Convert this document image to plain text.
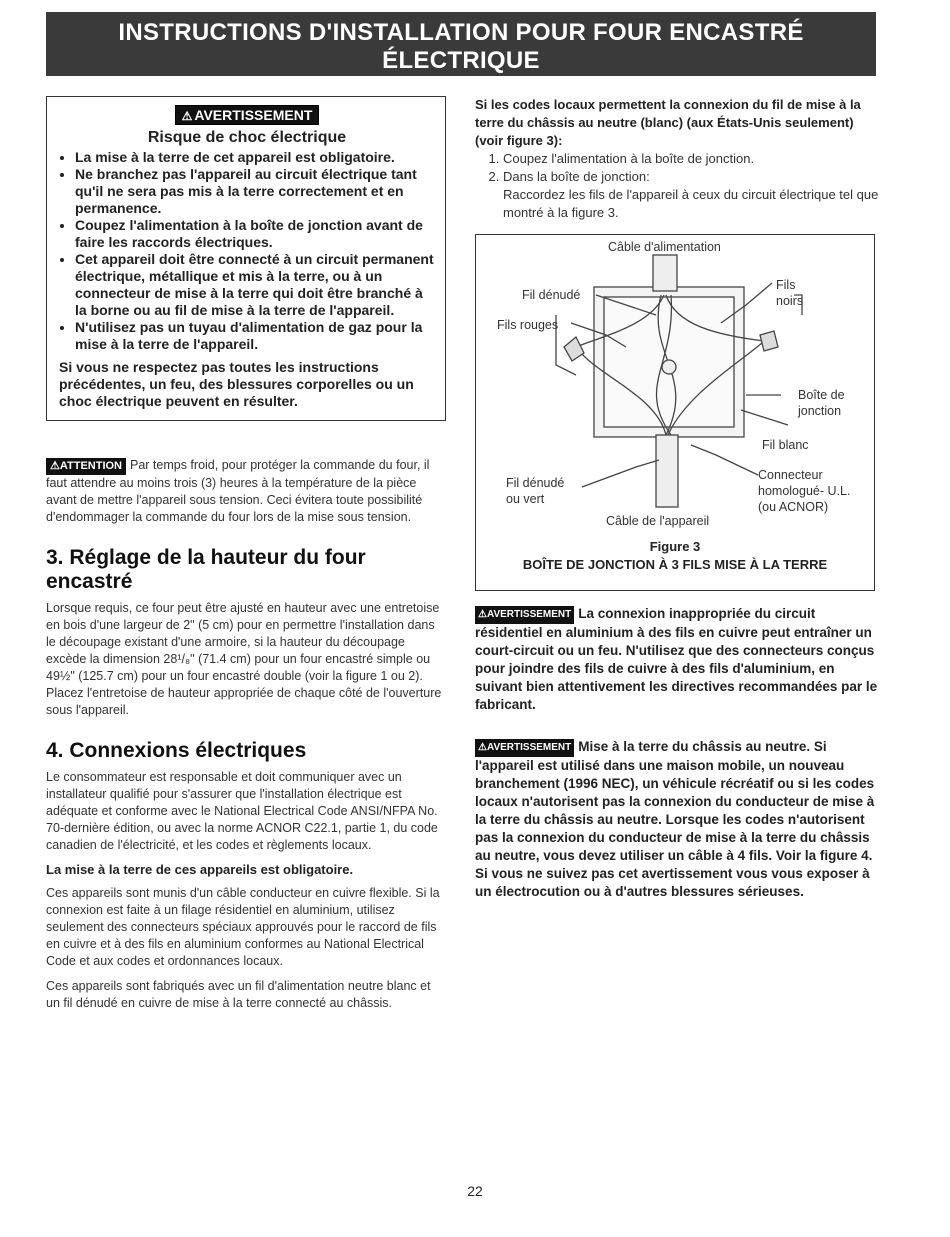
INSTRUCTIONS D'INSTALLATION POUR FOUR ENCASTRÉ ÉLECTRIQUE
(Combiné à une table de cuisson électrique ou à gaz (en option))
⚠ AVERTISSEMENT
Risque de choc électrique
• La mise à la terre de cet appareil est obligatoire.
• Ne branchez pas l'appareil au circuit électrique tant qu'il ne sera pas mis à la terre correctement et en permanence.
• Coupez l'alimentation à la boîte de jonction avant de faire les raccords électriques.
• Cet appareil doit être connecté à un circuit permanent électrique, métallique et mis à la terre, ou à un connecteur de mise à la terre qui doit être branché à la borne ou au fil de mise à la terre de l'appareil.
• N'utilisez pas un tuyau d'alimentation de gaz pour la mise à la terre de l'appareil.
Si vous ne respectez pas toutes les instructions précédentes, un feu, des blessures corporelles ou un choc électrique peuvent en résulter.

⚠ATTENTION Par temps froid, pour protéger la commande du four, il faut attendre au moins trois (3) heures à la température de la pièce avant de mettre l'appareil sous tension. Ceci évitera toute possibilité d'endommager la commande du four lors de la mise sous tension.

3. Réglage de la hauteur du four encastré

Lorsque requis, ce four peut être ajusté en hauteur avec une entretoise en bois d'une largeur de 2" (5 cm) pour en permettre l'installation dans le découpage existant d'une armoire, si la hauteur du découpage excède la dimension 28¹/₈" (71.4 cm) pour un four encastré simple ou 49½" (125.7 cm) pour un four encastré double (voir la figure 1 ou 2). Placez l'entretoise de hauteur appropriée de chaque côté de l'ouverture sous l'appareil.

4. Connexions électriques

Le consommateur est responsable et doit communiquer avec un installateur qualifié pour s'assurer que l'installation électrique est adéquate et conforme avec le National Electrical Code ANSI/NFPA No. 70-dernière édition, ou avec la norme ACNOR C22.1, partie 1, du code canadien de l'électricité, et les codes et règlements locaux.

La mise à la terre de ces appareils est obligatoire.

Ces appareils sont munis d'un câble conducteur en cuivre flexible. Si la connexion est faite à un filage résidentiel en aluminium, utilisez seulement des connecteurs spéciaux approuvés pour le raccord de fils en cuivre et à des fils en aluminium conformes au National Electrical Code et aux codes et ordonnances locaux.

Ces appareils sont fabriqués avec un fil d'alimentation neutre blanc et un fil dénudé en cuivre de mise à la terre connecté au châssis.

Si les codes locaux permettent la connexion du fil de mise à la terre du châssis au neutre (blanc) (aux États-Unis seulement) (voir figure 3):

1. Coupez l'alimentation à la boîte de jonction.
2. Dans la boîte de jonction:
Raccordez les fils de l'appareil à ceux du circuit électrique tel que montré à la figure 3.
Câble d'alimentation
Fil dénudé
Fils rouges
Fils noirs
Boîte de jonction
Fil blanc
Fil dénudé ou vert
Connecteur homologué- U.L. (ou ACNOR)
Câble de l'appareil
Figure 3
BOÎTE DE JONCTION À 3 FILS MISE À LA TERRE

⚠AVERTISSEMENT La connexion inappropriée du circuit résidentiel en aluminium à des fils en cuivre peut entraîner un court-circuit ou un feu. N'utilisez que des connecteurs conçus pour joindre des fils de cuivre à des fils d'aluminium, en suivant bien attentivement les directives recommandées par le fabricant.

⚠AVERTISSEMENT Mise à la terre du châssis au neutre. Si l'appareil est utilisé dans une maison mobile, un nouveau branchement (1996 NEC), un véhicule récréatif ou si les codes locaux n'autorisent pas la connexion du conducteur de mise à la terre du châssis au neutre. Lorsque les codes n'autorisent pas la connexion du conducteur de mise à la terre du châssis au neutre, vous devez utiliser un câble à 4 fils. Voir la figure 4. Si vous ne suivez pas cet avertissement vous vous exposer à un électrocution ou à d'autres blessures sérieuses.

22
